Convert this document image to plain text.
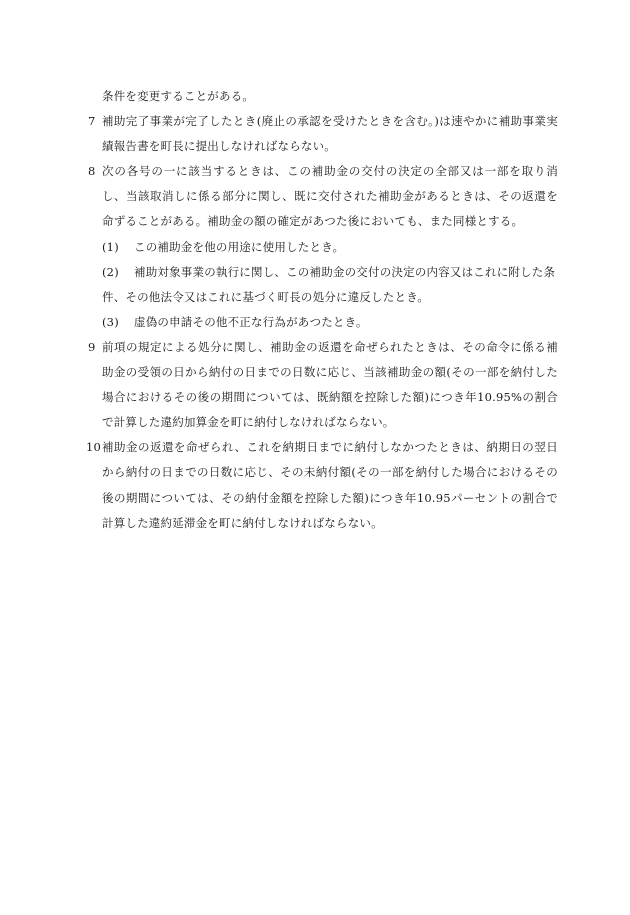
条件を変更することがある。

7 補助完了事業が完了したとき(廃止の承認を受けたときを含む。)は速やかに補助事業実績報告書を町長に提出しなければならない。

8 次の各号の一に該当するときは、この補助金の交付の決定の全部又は一部を取り消し、当該取消しに係る部分に関し、既に交付された補助金があるときは、その返還を命ずることがある。補助金の額の確定があつた後においても、また同様とする。

(1) この補助金を他の用途に使用したとき。

(2) 補助対象事業の執行に関し、この補助金の交付の決定の内容又はこれに附した条件、その他法令又はこれに基づく町長の処分に違反したとき。

(3) 虚偽の申請その他不正な行為があつたとき。

9 前項の規定による処分に関し、補助金の返還を命ぜられたときは、その命令に係る補助金の受領の日から納付の日までの日数に応じ、当該補助金の額(その一部を納付した場合におけるその後の期間については、既納額を控除した額)につき年10.95%の割合で計算した違約加算金を町に納付しなければならない。

10 補助金の返還を命ぜられ、これを納期日までに納付しなかつたときは、納期日の翌日から納付の日までの日数に応じ、その未納付額(その一部を納付した場合におけるその後の期間については、その納付金額を控除した額)につき年10.95パーセントの割合で計算した違約延滞金を町に納付しなければならない。
